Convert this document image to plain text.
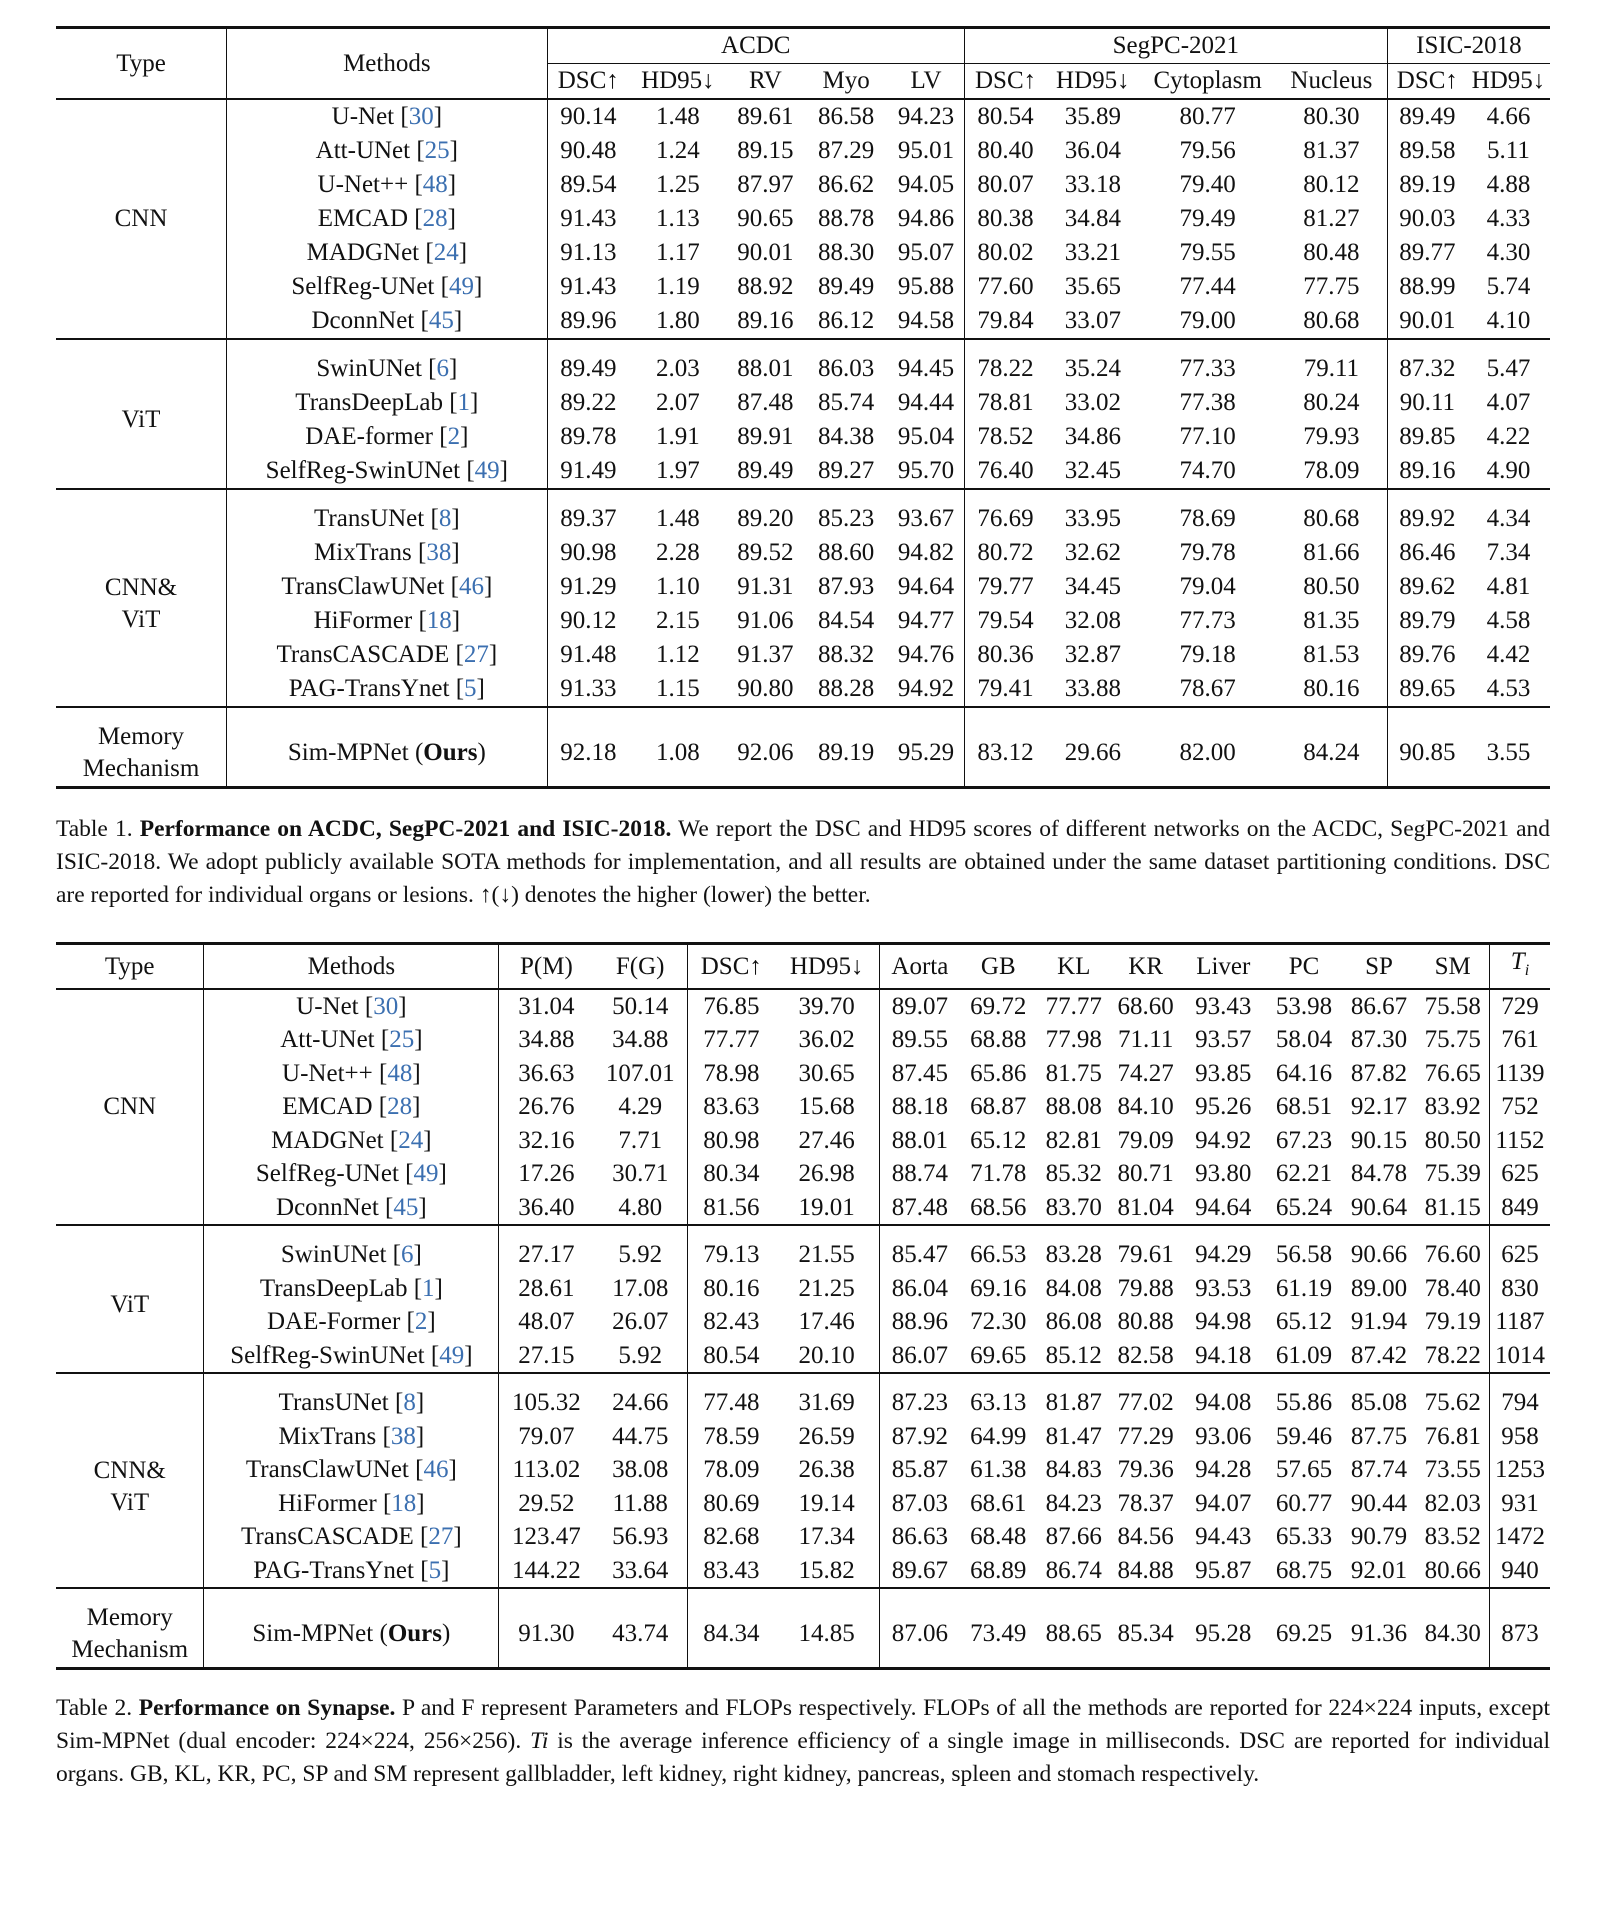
Type	Methods	ACDC					SegPC-2021				ISIC-2018	
		DSC↑	HD95↓	RV	Myo	LV	DSC↑	HD95↓	Cytoplasm	Nucleus	DSC↑	HD95↓
CNN	U-Net [30]	90.14	1.48	89.61	86.58	94.23	80.54	35.89	80.77	80.30	89.49	4.66
	Att-UNet [25]	90.48	1.24	89.15	87.29	95.01	80.40	36.04	79.56	81.37	89.58	5.11
	U-Net++ [48]	89.54	1.25	87.97	86.62	94.05	80.07	33.18	79.40	80.12	89.19	4.88
	EMCAD [28]	91.43	1.13	90.65	88.78	94.86	80.38	34.84	79.49	81.27	90.03	4.33
	MADGNet [24]	91.13	1.17	90.01	88.30	95.07	80.02	33.21	79.55	80.48	89.77	4.30
	SelfReg-UNet [49]	91.43	1.19	88.92	89.49	95.88	77.60	35.65	77.44	77.75	88.99	5.74
	DconnNet [45]	89.96	1.80	89.16	86.12	94.58	79.84	33.07	79.00	80.68	90.01	4.10

ViT	SwinUNet [6]	89.49	2.03	88.01	86.03	94.45	78.22	35.24	77.33	79.11	87.32	5.47
	TransDeepLab [1]	89.22	2.07	87.48	85.74	94.44	78.81	33.02	77.38	80.24	90.11	4.07
	DAE-former [2]	89.78	1.91	89.91	84.38	95.04	78.52	34.86	77.10	79.93	89.85	4.22
	SelfReg-SwinUNet [49]	91.49	1.97	89.49	89.27	95.70	76.40	32.45	74.70	78.09	89.16	4.90

CNN&
ViT	TransUNet [8]	89.37	1.48	89.20	85.23	93.67	76.69	33.95	78.69	80.68	89.92	4.34
	MixTrans [38]	90.98	2.28	89.52	88.60	94.82	80.72	32.62	79.78	81.66	86.46	7.34
	TransClawUNet [46]	91.29	1.10	91.31	87.93	94.64	79.77	34.45	79.04	80.50	89.62	4.81
	HiFormer [18]	90.12	2.15	91.06	84.54	94.77	79.54	32.08	77.73	81.35	89.79	4.58
	TransCASCADE [27]	91.48	1.12	91.37	88.32	94.76	80.36	32.87	79.18	81.53	89.76	4.42
	PAG-TransYnet [5]	91.33	1.15	90.80	88.28	94.92	79.41	33.88	78.67	80.16	89.65	4.53

Memory
Mechanism	Sim-MPNet (Ours)	92.18	1.08	92.06	89.19	95.29	83.12	29.66	82.00	84.24	90.85	3.55

Table 1. Performance on ACDC, SegPC-2021 and ISIC-2018. We report the DSC and HD95 scores of different networks on the ACDC, SegPC-2021 and ISIC-2018. We adopt publicly available SOTA methods for implementation, and all results are obtained under the same dataset partitioning conditions. DSC are reported for individual organs or lesions. ↑(↓) denotes the higher (lower) the better.

Type	Methods	P(M)	F(G)	DSC↑	HD95↓	Aorta	GB	KL	KR	Liver	PC	SP	SM	$T_i$
CNN	U-Net [30]	31.04	50.14	76.85	39.70	89.07	69.72	77.77	68.60	93.43	53.98	86.67	75.58	729
	Att-UNet [25]	34.88	34.88	77.77	36.02	89.55	68.88	77.98	71.11	93.57	58.04	87.30	75.75	761
	U-Net++ [48]	36.63	107.01	78.98	30.65	87.45	65.86	81.75	74.27	93.85	64.16	87.82	76.65	1139
	EMCAD [28]	26.76	4.29	83.63	15.68	88.18	68.87	88.08	84.10	95.26	68.51	92.17	83.92	752
	MADGNet [24]	32.16	7.71	80.98	27.46	88.01	65.12	82.81	79.09	94.92	67.23	90.15	80.50	1152
	SelfReg-UNet [49]	17.26	30.71	80.34	26.98	88.74	71.78	85.32	80.71	93.80	62.21	84.78	75.39	625
	DconnNet [45]	36.40	4.80	81.56	19.01	87.48	68.56	83.70	81.04	94.64	65.24	90.64	81.15	849

ViT	SwinUNet [6]	27.17	5.92	79.13	21.55	85.47	66.53	83.28	79.61	94.29	56.58	90.66	76.60	625
	TransDeepLab [1]	28.61	17.08	80.16	21.25	86.04	69.16	84.08	79.88	93.53	61.19	89.00	78.40	830
	DAE-Former [2]	48.07	26.07	82.43	17.46	88.96	72.30	86.08	80.88	94.98	65.12	91.94	79.19	1187
	SelfReg-SwinUNet [49]	27.15	5.92	80.54	20.10	86.07	69.65	85.12	82.58	94.18	61.09	87.42	78.22	1014

CNN&
ViT	TransUNet [8]	105.32	24.66	77.48	31.69	87.23	63.13	81.87	77.02	94.08	55.86	85.08	75.62	794
	MixTrans [38]	79.07	44.75	78.59	26.59	87.92	64.99	81.47	77.29	93.06	59.46	87.75	76.81	958
	TransClawUNet [46]	113.02	38.08	78.09	26.38	85.87	61.38	84.83	79.36	94.28	57.65	87.74	73.55	1253
	HiFormer [18]	29.52	11.88	80.69	19.14	87.03	68.61	84.23	78.37	94.07	60.77	90.44	82.03	931
	TransCASCADE [27]	123.47	56.93	82.68	17.34	86.63	68.48	87.66	84.56	94.43	65.33	90.79	83.52	1472
	PAG-TransYnet [5]	144.22	33.64	83.43	15.82	89.67	68.89	86.74	84.88	95.87	68.75	92.01	80.66	940

Memory
Mechanism	Sim-MPNet (Ours)	91.30	43.74	84.34	14.85	87.06	73.49	88.65	85.34	95.28	69.25	91.36	84.30	873

Table 2. Performance on Synapse. P and F represent Parameters and FLOPs respectively. FLOPs of all the methods are reported for 224×224 inputs, except Sim-MPNet (dual encoder: 224×224, 256×256). Ti is the average inference efficiency of a single image in milliseconds. DSC are reported for individual organs. GB, KL, KR, PC, SP and SM represent gallbladder, left kidney, right kidney, pancreas, spleen and stomach respectively.
